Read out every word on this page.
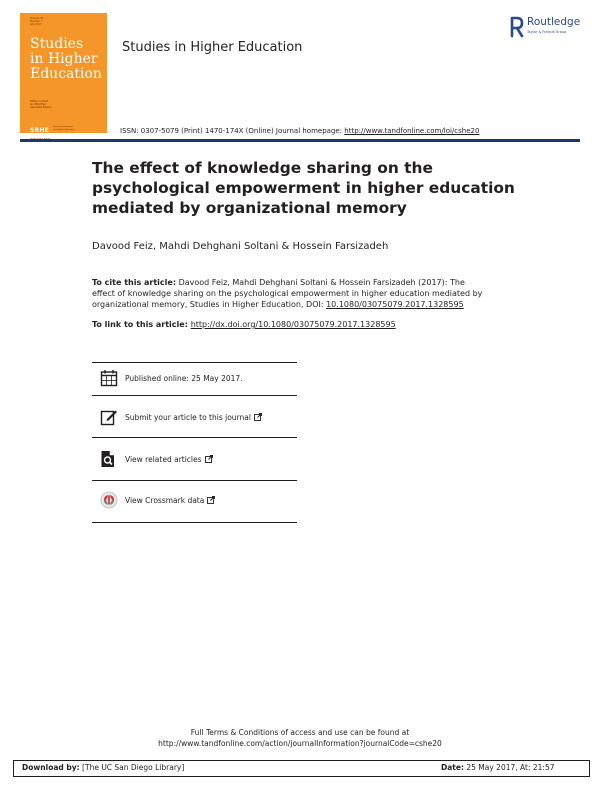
Volume 42
Number 7
July 2017
Studies
in Higher
Education
Editor-in-Chief
Jan McArthur
Associate Editors
SRHE Society for Research
into Higher Education
Studies in Higher Education
Routledge
Taylor & Francis Group
ISSN: 0307-5079 (Print) 1470-174X (Online) Journal homepage: http://www.tandfonline.com/loi/cshe20
The effect of knowledge sharing on the
psychological empowerment in higher education
mediated by organizational memory
Davood Feiz, Mahdi Dehghani Soltani & Hossein Farsizadeh
To cite this article: Davood Feiz, Mahdi Dehghani Soltani & Hossein Farsizadeh (2017): The
effect of knowledge sharing on the psychological empowerment in higher education mediated by
organizational memory, Studies in Higher Education, DOI: 10.1080/03075079.2017.1328595
To link to this article: http://dx.doi.org/10.1080/03075079.2017.1328595
Published online: 25 May 2017.
Submit your article to this journal
View related articles
View Crossmark data
Full Terms & Conditions of access and use can be found at
http://www.tandfonline.com/action/journalInformation?journalCode=cshe20
Download by: [The UC San Diego Library]	Date: 25 May 2017, At: 21:57
